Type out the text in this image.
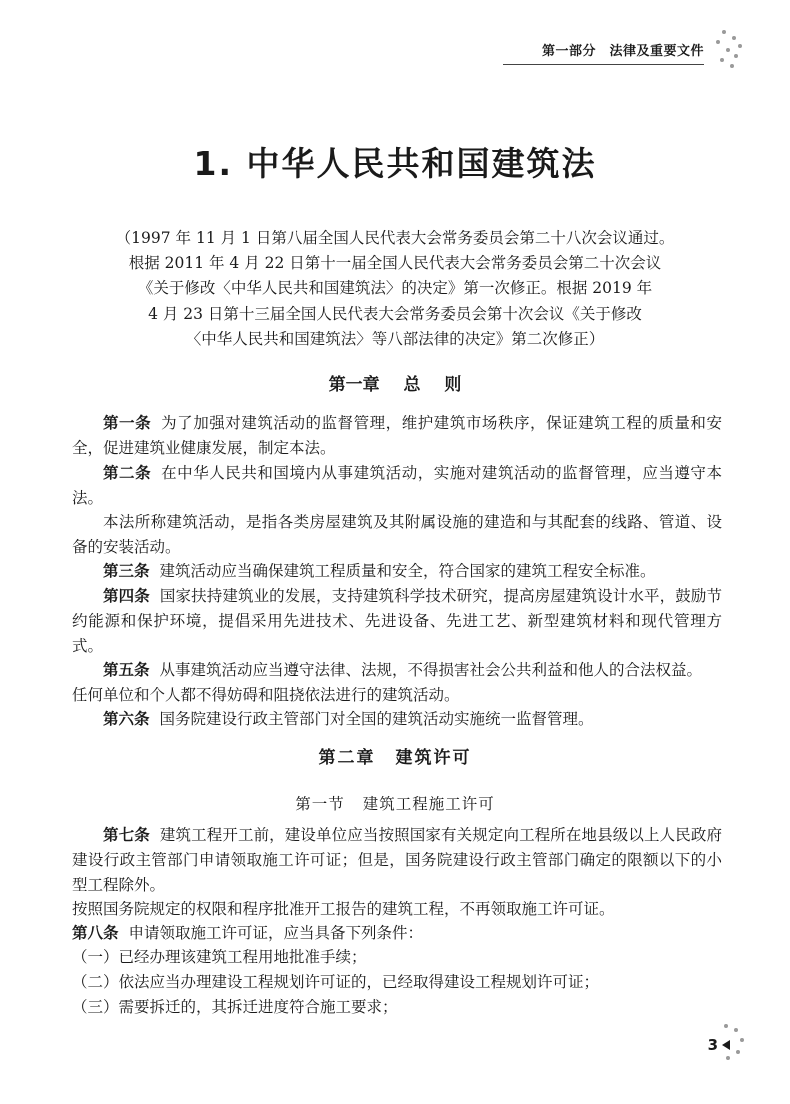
第一部分　法律及重要文件
1. 中华人民共和国建筑法
（1997 年 11 月 1 日第八届全国人民代表大会常务委员会第二十八次会议通过。
根据 2011 年 4 月 22 日第十一届全国人民代表大会常务委员会第二十次会议
《关于修改〈中华人民共和国建筑法〉的决定》第一次修正。根据 2019 年
4 月 23 日第十三届全国人民代表大会常务委员会第十次会议《关于修改
〈中华人民共和国建筑法〉等八部法律的决定》第二次修正）
第一章 总 则

第一条 为了加强对建筑活动的监督管理，维护建筑市场秩序，保证建筑工程的质量和安全，促进建筑业健康发展，制定本法。

第二条 在中华人民共和国境内从事建筑活动，实施对建筑活动的监督管理，应当遵守本法。

本法所称建筑活动，是指各类房屋建筑及其附属设施的建造和与其配套的线路、管道、设备的安装活动。

第三条 建筑活动应当确保建筑工程质量和安全，符合国家的建筑工程安全标准。

第四条 国家扶持建筑业的发展，支持建筑科学技术研究，提高房屋建筑设计水平，鼓励节约能源和保护环境，提倡采用先进技术、先进设备、先进工艺、新型建筑材料和现代管理方式。

第五条 从事建筑活动应当遵守法律、法规，不得损害社会公共利益和他人的合法权益。

任何单位和个人都不得妨碍和阻挠依法进行的建筑活动。

第六条 国务院建设行政主管部门对全国的建筑活动实施统一监督管理。

第二章 建筑许可
第一节 建筑工程施工许可

第七条 建筑工程开工前，建设单位应当按照国家有关规定向工程所在地县级以上人民政府建设行政主管部门申请领取施工许可证；但是，国务院建设行政主管部门确定的限额以下的小型工程除外。

按照国务院规定的权限和程序批准开工报告的建筑工程，不再领取施工许可证。

第八条 申请领取施工许可证，应当具备下列条件：

（一）已经办理该建筑工程用地批准手续；

（二）依法应当办理建设工程规划许可证的，已经取得建设工程规划许可证；

（三）需要拆迁的，其拆迁进度符合施工要求；

3
